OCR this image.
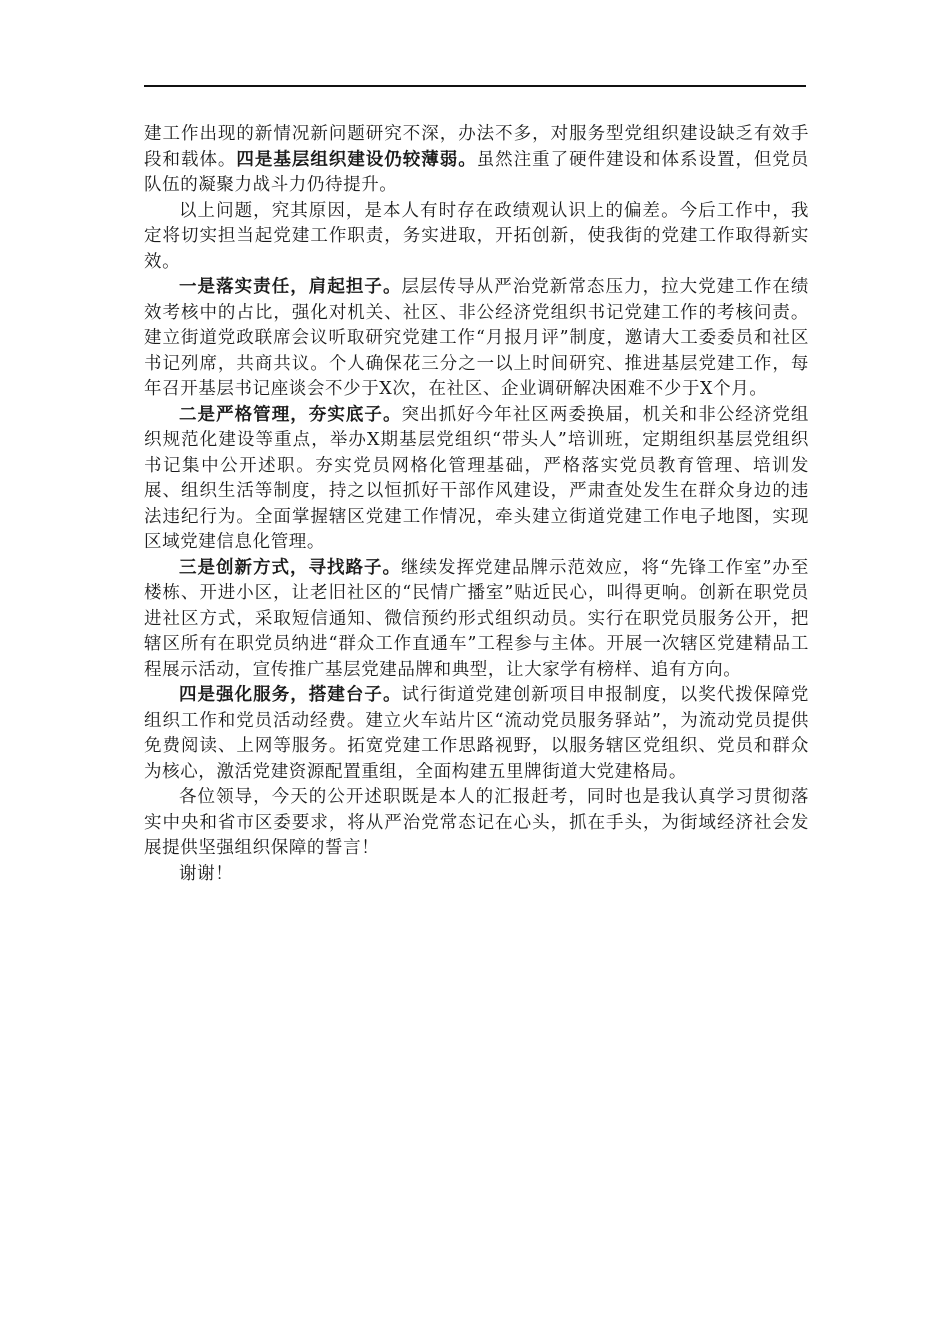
建工作出现的新情况新问题研究不深，办法不多，对服务型党组织建设缺乏有效手段和载体。四是基层组织建设仍较薄弱。虽然注重了硬件建设和体系设置，但党员队伍的凝聚力战斗力仍待提升。

以上问题，究其原因，是本人有时存在政绩观认识上的偏差。今后工作中，我定将切实担当起党建工作职责，务实进取，开拓创新，使我街的党建工作取得新实效。

一是落实责任，肩起担子。层层传导从严治党新常态压力，拉大党建工作在绩效考核中的占比，强化对机关、社区、非公经济党组织书记党建工作的考核问责。建立街道党政联席会议听取研究党建工作“月报月评”制度，邀请大工委委员和社区书记列席，共商共议。个人确保花三分之一以上时间研究、推进基层党建工作，每年召开基层书记座谈会不少于X次，在社区、企业调研解决困难不少于X个月。

二是严格管理，夯实底子。突出抓好今年社区两委换届，机关和非公经济党组织规范化建设等重点，举办X期基层党组织“带头人”培训班，定期组织基层党组织书记集中公开述职。夯实党员网格化管理基础，严格落实党员教育管理、培训发展、组织生活等制度，持之以恒抓好干部作风建设，严肃查处发生在群众身边的违法违纪行为。全面掌握辖区党建工作情况，牵头建立街道党建工作电子地图，实现区域党建信息化管理。

三是创新方式，寻找路子。继续发挥党建品牌示范效应，将“先锋工作室”办至楼栋、开进小区，让老旧社区的“民情广播室”贴近民心，叫得更响。创新在职党员进社区方式，采取短信通知、微信预约形式组织动员。实行在职党员服务公开，把辖区所有在职党员纳进“群众工作直通车”工程参与主体。开展一次辖区党建精品工程展示活动，宣传推广基层党建品牌和典型，让大家学有榜样、追有方向。

四是强化服务，搭建台子。试行街道党建创新项目申报制度，以奖代拨保障党组织工作和党员活动经费。建立火车站片区“流动党员服务驿站”，为流动党员提供免费阅读、上网等服务。拓宽党建工作思路视野，以服务辖区党组织、党员和群众为核心，激活党建资源配置重组，全面构建五里牌街道大党建格局。

各位领导，今天的公开述职既是本人的汇报赶考，同时也是我认真学习贯彻落实中央和省市区委要求，将从严治党常态记在心头，抓在手头，为街域经济社会发展提供坚强组织保障的誓言！

谢谢！
